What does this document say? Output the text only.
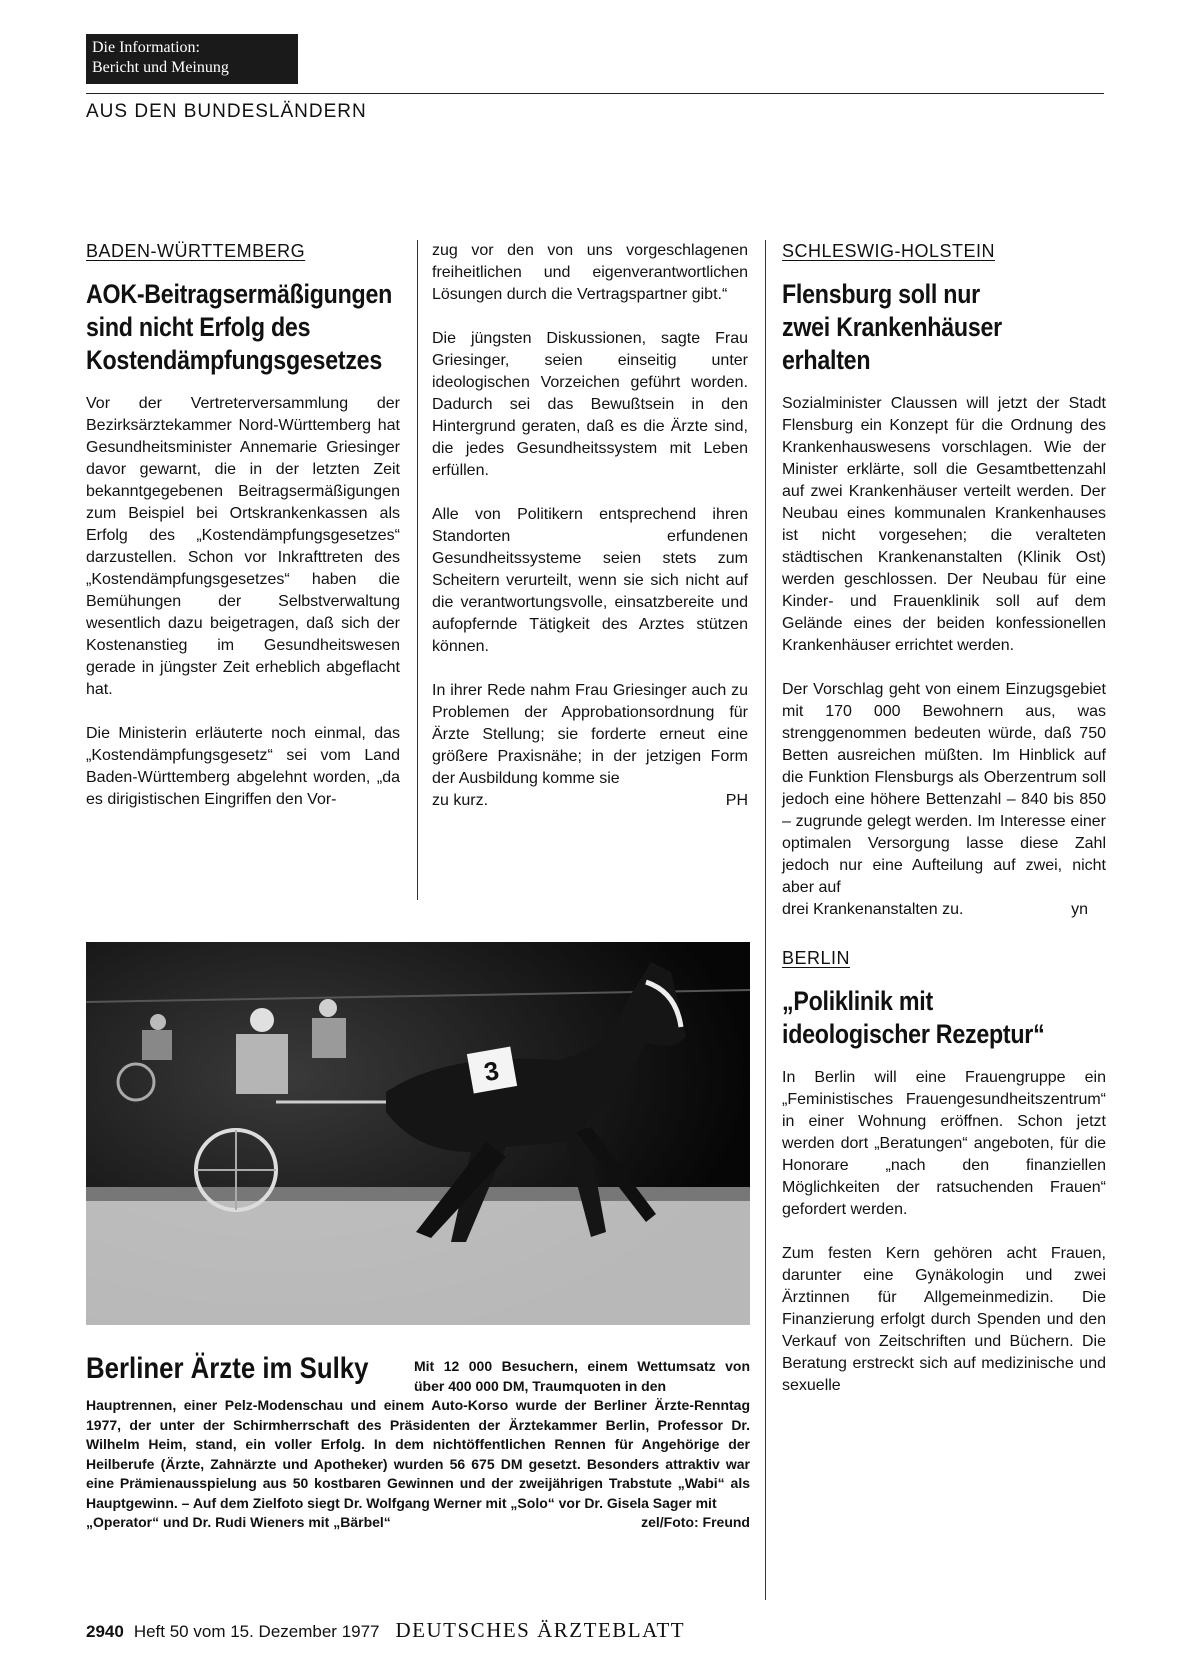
Die Information:
Bericht und Meinung
AUS DEN BUNDESLÄNDERN
BADEN-WÜRTTEMBERG
AOK-Beitragsermäßigungen
sind nicht Erfolg des
Kostendämpfungsgesetzes

Vor der Vertreterversammlung der Bezirksärztekammer Nord-Württemberg hat Gesundheitsminister Annemarie Griesinger davor gewarnt, die in der letzten Zeit bekanntgegebenen Beitragsermäßigungen zum Beispiel bei Ortskrankenkassen als Erfolg des „Kostendämpfungsgesetzes“ darzustellen. Schon vor Inkrafttreten des „Kostendämpfungsgesetzes“ haben die Bemühungen der Selbstverwaltung wesentlich dazu beigetragen, daß sich der Kostenanstieg im Gesundheitswesen gerade in jüngster Zeit erheblich abgeflacht hat.

Die Ministerin erläuterte noch einmal, das „Kostendämpfungsgesetz“ sei vom Land Baden-Württemberg abgelehnt worden, „da es dirigistischen Eingriffen den Vor-

zug vor den von uns vorgeschlagenen freiheitlichen und eigenverantwortlichen Lösungen durch die Vertragspartner gibt.“

Die jüngsten Diskussionen, sagte Frau Griesinger, seien einseitig unter ideologischen Vorzeichen geführt worden. Dadurch sei das Bewußtsein in den Hintergrund geraten, daß es die Ärzte sind, die jedes Gesundheitssystem mit Leben erfüllen.

Alle von Politikern entsprechend ihren Standorten erfundenen Gesundheitssysteme seien stets zum Scheitern verurteilt, wenn sie sich nicht auf die verantwortungsvolle, einsatzbereite und aufopfernde Tätigkeit des Arztes stützen können.

In ihrer Rede nahm Frau Griesinger auch zu Problemen der Approbationsordnung für Ärzte Stellung; sie forderte erneut eine größere Praxisnähe; in der jetzigen Form der Ausbildung komme sie

zu kurz.	PH
SCHLESWIG-HOLSTEIN
Flensburg soll nur
zwei Krankenhäuser
erhalten

Sozialminister Claussen will jetzt der Stadt Flensburg ein Konzept für die Ordnung des Krankenhauswesens vorschlagen. Wie der Minister erklärte, soll die Gesamtbettenzahl auf zwei Krankenhäuser verteilt werden. Der Neubau eines kommunalen Krankenhauses ist nicht vorgesehen; die veralteten städtischen Krankenanstalten (Klinik Ost) werden geschlossen. Der Neubau für eine Kinder- und Frauenklinik soll auf dem Gelände eines der beiden konfessionellen Krankenhäuser errichtet werden.

Der Vorschlag geht von einem Einzugsgebiet mit 170 000 Bewohnern aus, was strenggenommen bedeuten würde, daß 750 Betten ausreichen müßten. Im Hinblick auf die Funktion Flensburgs als Oberzentrum soll jedoch eine höhere Bettenzahl – 840 bis 850 – zugrunde gelegt werden. Im Interesse einer optimalen Versorgung lasse diese Zahl jedoch nur eine Aufteilung auf zwei, nicht aber auf

drei Krankenanstalten zu.	yn
BERLIN
„Poliklinik mit
ideologischer Rezeptur“

In Berlin will eine Frauengruppe ein „Feministisches Frauengesundheitszentrum“ in einer Wohnung eröffnen. Schon jetzt werden dort „Beratungen“ angeboten, für die Honorare „nach den finanziellen Möglichkeiten der ratsuchenden Frauen“ gefordert werden.

Zum festen Kern gehören acht Frauen, darunter eine Gynäkologin und zwei Ärztinnen für Allgemeinmedizin. Die Finanzierung erfolgt durch Spenden und den Verkauf von Zeitschriften und Büchern. Die Beratung erstreckt sich auf medizinische und sexuelle

3
Berliner Ärzte im Sulky	Mit 12 000 Besuchern, einem Wettumsatz von über 400 000 DM, Traumquoten in den
Hauptrennen, einer Pelz-Modenschau und einem Auto-Korso wurde der Berliner Ärzte-Renntag 1977, der unter der Schirmherrschaft des Präsidenten der Ärztekammer Berlin, Professor Dr. Wilhelm Heim, stand, ein voller Erfolg. In dem nichtöffentlichen Rennen für Angehörige der Heilberufe (Ärzte, Zahnärzte und Apotheker) wurden 56 675 DM gesetzt. Besonders attraktiv war eine Prämienausspielung aus 50 kostbaren Gewinnen und der zweijährigen Trabstute „Wabi“ als Hauptgewinn. – Auf dem Zielfoto siegt Dr. Wolfgang Werner mit „Solo“ vor Dr. Gisela Sager mit
„Operator“ und Dr. Rudi Wieners mit „Bärbel“	zel/Foto: Freund
2940 Heft 50 vom 15. Dezember 1977 DEUTSCHES ÄRZTEBLATT
